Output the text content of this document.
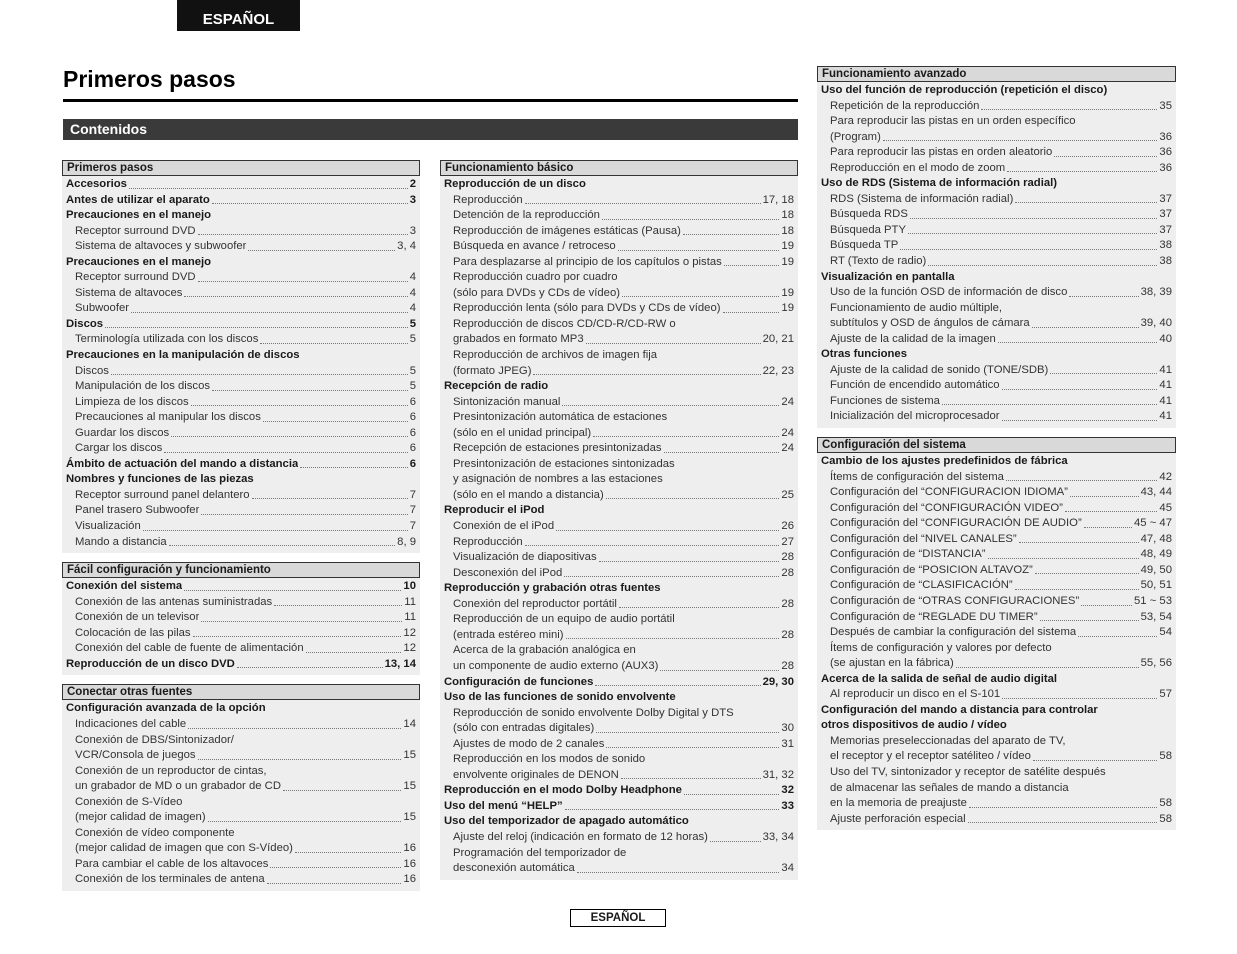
ESPAÑOL
Primeros pasos
Contenidos
Primeros pasos
Accesorios	2
Antes de utilizar el aparato	3
Precauciones en el manejo
Receptor surround DVD	3
Sistema de altavoces y subwoofer	3, 4
Precauciones en el manejo
Receptor surround DVD	4
Sistema de altavoces	4
Subwoofer	4
Discos	5
Terminología utilizada con los discos	5
Precauciones en la manipulación de discos
Discos	5
Manipulación de los discos	5
Limpieza de los discos	6
Precauciones al manipular los discos	6
Guardar los discos	6
Cargar los discos	6
Ámbito de actuación del mando a distancia	6
Nombres y funciones de las piezas
Receptor surround panel delantero	7
Panel trasero Subwoofer	7
Visualización	7
Mando a distancia	8, 9
Fácil configuración y funcionamiento
Conexión del sistema	10
Conexión de las antenas suministradas	11
Conexión de un televisor	11
Colocación de las pilas	12
Conexión del cable de fuente de alimentación	12
Reproducción de un disco DVD	13, 14
Conectar otras fuentes
Configuración avanzada de la opción
Indicaciones del cable	14
Conexión de DBS/Sintonizador/
VCR/Consola de juegos	15
Conexión de un reproductor de cintas,
un grabador de MD o un grabador de CD	15
Conexión de S-Vídeo
(mejor calidad de imagen)	15
Conexión de vídeo componente
(mejor calidad de imagen que con S-Vídeo)	16
Para cambiar el cable de los altavoces	16
Conexión de los terminales de antena	16
Funcionamiento básico
Reproducción de un disco
Reproducción	17, 18
Detención de la reproducción	18
Reproducción de imágenes estáticas (Pausa)	18
Búsqueda en avance / retroceso	19
Para desplazarse al principio de los capítulos o pistas	19
Reproducción cuadro por cuadro
(sólo para DVDs y CDs de vídeo)	19
Reproducción lenta (sólo para DVDs y CDs de vídeo)	19
Reproducción de discos CD/CD-R/CD-RW o
grabados en formato MP3	20, 21
Reproducción de archivos de imagen fija
(formato JPEG)	22, 23
Recepción de radio
Sintonización manual	24
Presintonización automática de estaciones
(sólo en el unidad principal)	24
Recepción de estaciones presintonizadas	24
Presintonización de estaciones sintonizadas
y asignación de nombres a las estaciones
(sólo en el mando a distancia)	25
Reproducir el iPod
Conexión de el iPod	26
Reproducción	27
Visualización de diapositivas	28
Desconexión del iPod	28
Reproducción y grabación otras fuentes
Conexión del reproductor portátil	28
Reproducción de un equipo de audio portátil
(entrada estéreo mini)	28
Acerca de la grabación analógica en
un componente de audio externo (AUX3)	28
Configuración de funciones	29, 30
Uso de las funciones de sonido envolvente
Reproducción de sonido envolvente Dolby Digital y DTS
(sólo con entradas digitales)	30
Ajustes de modo de 2 canales	31
Reproducción en los modos de sonido
envolvente originales de DENON	31, 32
Reproducción en el modo Dolby Headphone	32
Uso del menú “HELP”	33
Uso del temporizador de apagado automático
Ajuste del reloj (indicación en formato de 12 horas)	33, 34
Programación del temporizador de
desconexión automática	34
Funcionamiento avanzado
Uso del función de reproducción (repetición el disco)
Repetición de la reproducción	35
Para reproducir las pistas en un orden específico
(Program)	36
Para reproducir las pistas en orden aleatorio	36
Reproducción en el modo de zoom	36
Uso de RDS (Sistema de información radial)
RDS (Sistema de información radial)	37
Búsqueda RDS	37
Búsqueda PTY	37
Búsqueda TP	38
RT (Texto de radio)	38
Visualización en pantalla
Uso de la función OSD de información de disco	38, 39
Funcionamiento de audio múltiple,
subtítulos y OSD de ángulos de cámara	39, 40
Ajuste de la calidad de la imagen	40
Otras funciones
Ajuste de la calidad de sonido (TONE/SDB)	41
Función de encendido automático	41
Funciones de sistema	41
Inicialización del microprocesador	41
Configuración del sistema
Cambio de los ajustes predefinidos de fábrica
Ítems de configuración del sistema	42
Configuración del “CONFIGURACION IDIOMA”	43, 44
Configuración del “CONFIGURACIÓN VIDEO”	45
Configuración del “CONFIGURACIÓN DE AUDIO”	45 ~ 47
Configuración del “NIVEL CANALES”	47, 48
Configuración de “DISTANCIA”	48, 49
Configuración de “POSICION ALTAVOZ”	49, 50
Configuración de “CLASIFICACIÓN”	50, 51
Configuración de “OTRAS CONFIGURACIONES”	51 ~ 53
Configuración de “REGLADE DU TIMER”	53, 54
Después de cambiar la configuración del sistema	54
Ítems de configuración y valores por defecto
(se ajustan en la fábrica)	55, 56
Acerca de la salida de señal de audio digital
Al reproducir un disco en el S-101	57
Configuración del mando a distancia para controlar
otros dispositivos de audio / vídeo
Memorias preseleccionadas del aparato de TV,
el receptor y el receptor satéliteo / vídeo	58
Uso del TV, sintonizador y receptor de satélite después
de almacenar las señales de mando a distancia
en la memoria de preajuste	58
Ajuste perforación especial	58
ESPAÑOL
